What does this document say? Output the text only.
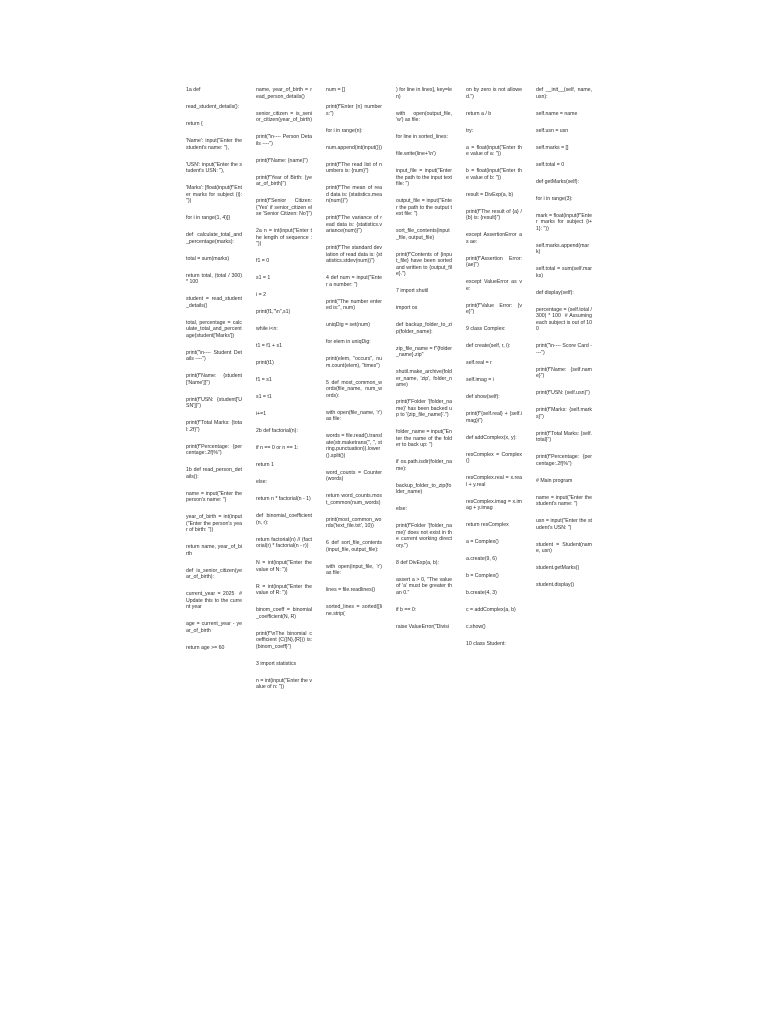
1a def
read_student_details():
return {
'Name': input("Enter the student's name: "),
'USN': input("Enter the student's USN: "),
'Marks': [float(input(f"Enter marks for subject {i}: "))
for i in range(1, 4)]}
def calculate_total_and_percentage(marks):
total = sum(marks)
return total, (total / 300) * 100
student = read_student_details()
total, percentage = calculate_total_and_percentage(student['Marks'])
print("\n---- Student Details ----")
print(f"Name: {student['Name']}")
print(f"USN: {student['USN']}")
print(f"Total Marks: {total:.2f}")
print(f"Percentage: {percentage:.2f}%")
1b def read_person_details():
name = input("Enter the person's name: ")
year_of_birth = int(input("Enter the person's year of birth: "))
return name, year_of_birth
def is_senior_citizen(year_of_birth):
current_year = 2025  # Update this to the current year
age = current_year - year_of_birth
return age >= 60
name, year_of_birth = read_person_details()
senior_citizen = is_senior_citizen(year_of_birth)
print("\n---- Person Details ----")
print(f"Name: {name}")
print(f"Year of Birth: {year_of_birth}")
print(f"Senior Citizen: {'Yes' if senior_citizen else 'Senior Citizen: No'}")
2a n = int(input("Enter the length of sequence : "))
f1 = 0
s1 = 1
i = 2
print(f1,"\n",s1)
while i<n:
t1 = f1 + s1
print(t1)
f1 = s1
s1 = t1
i+=1
2b def factorial(n):
if n == 0 or n == 1:
return 1
else:
return n * factorial(n - 1)
def binomial_coefficient(n, r):
return factorial(n) // (factorial(r) * factorial(n - r))
N = int(input("Enter the value of N: "))
R = int(input("Enter the value of R: "))
binom_coeff = binomial_coefficient(N, R)
print(f"\nThe binomial coefficient (C({N},{R})) is: {binom_coeff}")
3 import statistics
n = int(input("Enter the value of n: "))
num = []
print(f"Enter {n} numbers:")
for i in range(n):
num.append(int(input()))
print(f"The read list of numbers is: {num}")
print(f"The mean of read data is: {statistics.mean(num)}")
print(f"The variance of read data is: {statistics.variance(num)}")
print(f"The standard deviation of read data is: {statistics.stdev(num)}")
4 def num = input("Enter a number: ")
print("The number entered is:", num)
uniqDig = set(num)
for elem in uniqDig:
print(elem, "occurs", num.count(elem), "times")
5 def most_common_words(file_name, num_words):
with open(file_name, 'r') as file:
words = file.read().translate(str.maketrans('', '', string.punctuation)).lower().split())
word_counts = Counter(words)
return word_counts.most_common(num_words)
print(most_common_words('text_file.txt', 10))
6 def sort_file_contents(input_file, output_file):
with open(input_file, 'r') as file:
lines = file.readlines()
sorted_lines = sorted([line.strip(
) for line in lines], key=len)
with open(output_file, 'w') as file:
for line in sorted_lines:
file.write(line+'\n')
input_file = input("Enter the path to the input text file: ")
output_file = input("Enter the path to the output text file: ")
sort_file_contents(input_file, output_file)
print(f"Contents of {input_file} have been sorted and written to {output_file}.")
7 import shutil
import os
def backup_folder_to_zip(folder_name):
zip_file_name = f"{folder_name}.zip"
shutil.make_archive(folder_name, 'zip', folder_name)
print(f"Folder '{folder_name}' has been backed up to '{zip_file_name}'.")
folder_name = input("Enter the name of the folder to back up: ")
if os.path.isdir(folder_name):
backup_folder_to_zip(folder_name)
else:
print(f"Folder '{folder_name}' does not exist in the current working directory.")
8 def DivExp(a, b):
assert a > 0, "The value of 'a' must be greater than 0."
if b == 0:
raise ValueError("Divisi
on by zero is not allowed.")
return a / b
try:
a = float(input("Enter the value of a: "))
b = float(input("Enter the value of b: "))
result = DivExp(a, b)
print(f"The result of {a} / {b} is: {result}")
except AssertionError as ae:
print(f"Assertion Error: {ae}")
except ValueError as ve:
print(f"Value Error: {ve}")
9 class Complex:
def create(self, r, i):
self.real = r
self.imag = i
def show(self):
print(f"{self.real} + {self.imag}i")
def addComplex(x, y):
resComplex = Complex()
resComplex.real = x.real + y.real
resComplex.imag = x.imag + y.imag
return resComplex
a = Complex()
a.create(9, 6)
b = Complex()
b.create(4, 3)
c = addComplex(a, b)
c.show()
10 class Student:
def __init__(self, name, usn):
self.name = name
self.usn = usn
self.marks = []
self.total = 0
def getMarks(self):
for i in range(3):
mark = float(input(f"Enter marks for subject {i+1}: "))
self.marks.append(mark)
self.total = sum(self.marks)
def display(self):
percentage = (self.total / 300) * 100  # Assuming each subject is out of 100
print("\n---- Score Card ----")
print(f"Name: {self.name}")
print(f"USN: {self.usn}")
print(f"Marks: {self.marks}")
print(f"Total Marks: {self.total}")
print(f"Percentage: {percentage:.2f}%")
# Main program
name = input("Enter the student's name: ")
usn = input("Enter the student's USN: ")
student = Student(name, usn)
student.getMarks()
student.display()
